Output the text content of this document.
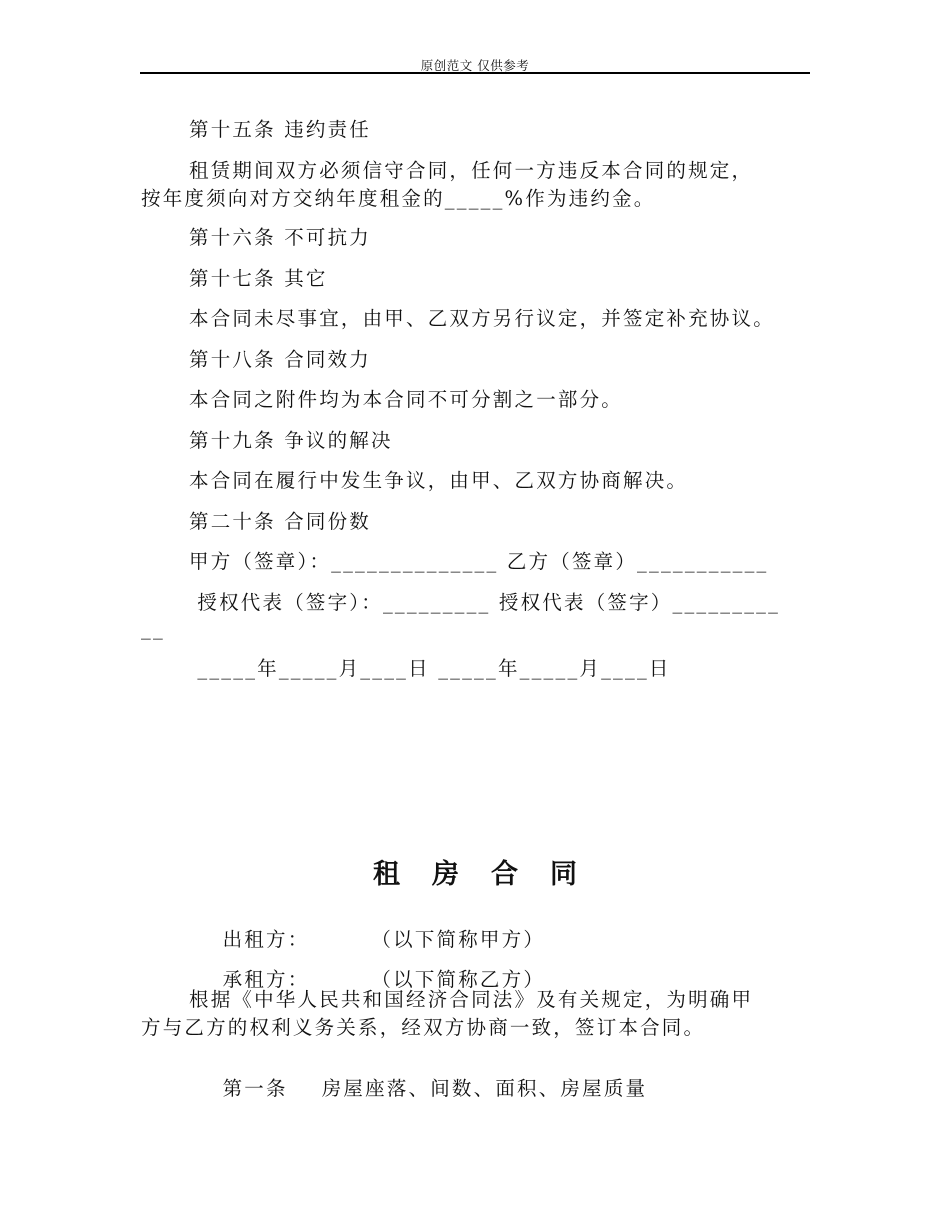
原创范文 仅供参考
第十五条 违约责任
租赁期间双方必须信守合同，任何一方违反本合同的规定，
按年度须向对方交纳年度租金的_____%作为违约金。
第十六条 不可抗力
第十七条 其它
本合同未尽事宜，由甲、乙双方另行议定，并签定补充协议。
第十八条 合同效力
本合同之附件均为本合同不可分割之一部分。
第十九条 争议的解决
本合同在履行中发生争议，由甲、乙双方协商解决。
第二十条 合同份数
甲方（签章）：______________ 乙方（签章）___________
授权代表（签字）：_________ 授权代表（签字）_________
__
_____年_____月____日 _____年_____月____日
租房合同

出租方：	（以下简称甲方）

承租方：	（以下简称乙方）

根据《中华人民共和国经济合同法》及有关规定，为明确甲
方与乙方的权利义务关系，经双方协商一致，签订本合同。

第一条 房屋座落、间数、面积、房屋质量
